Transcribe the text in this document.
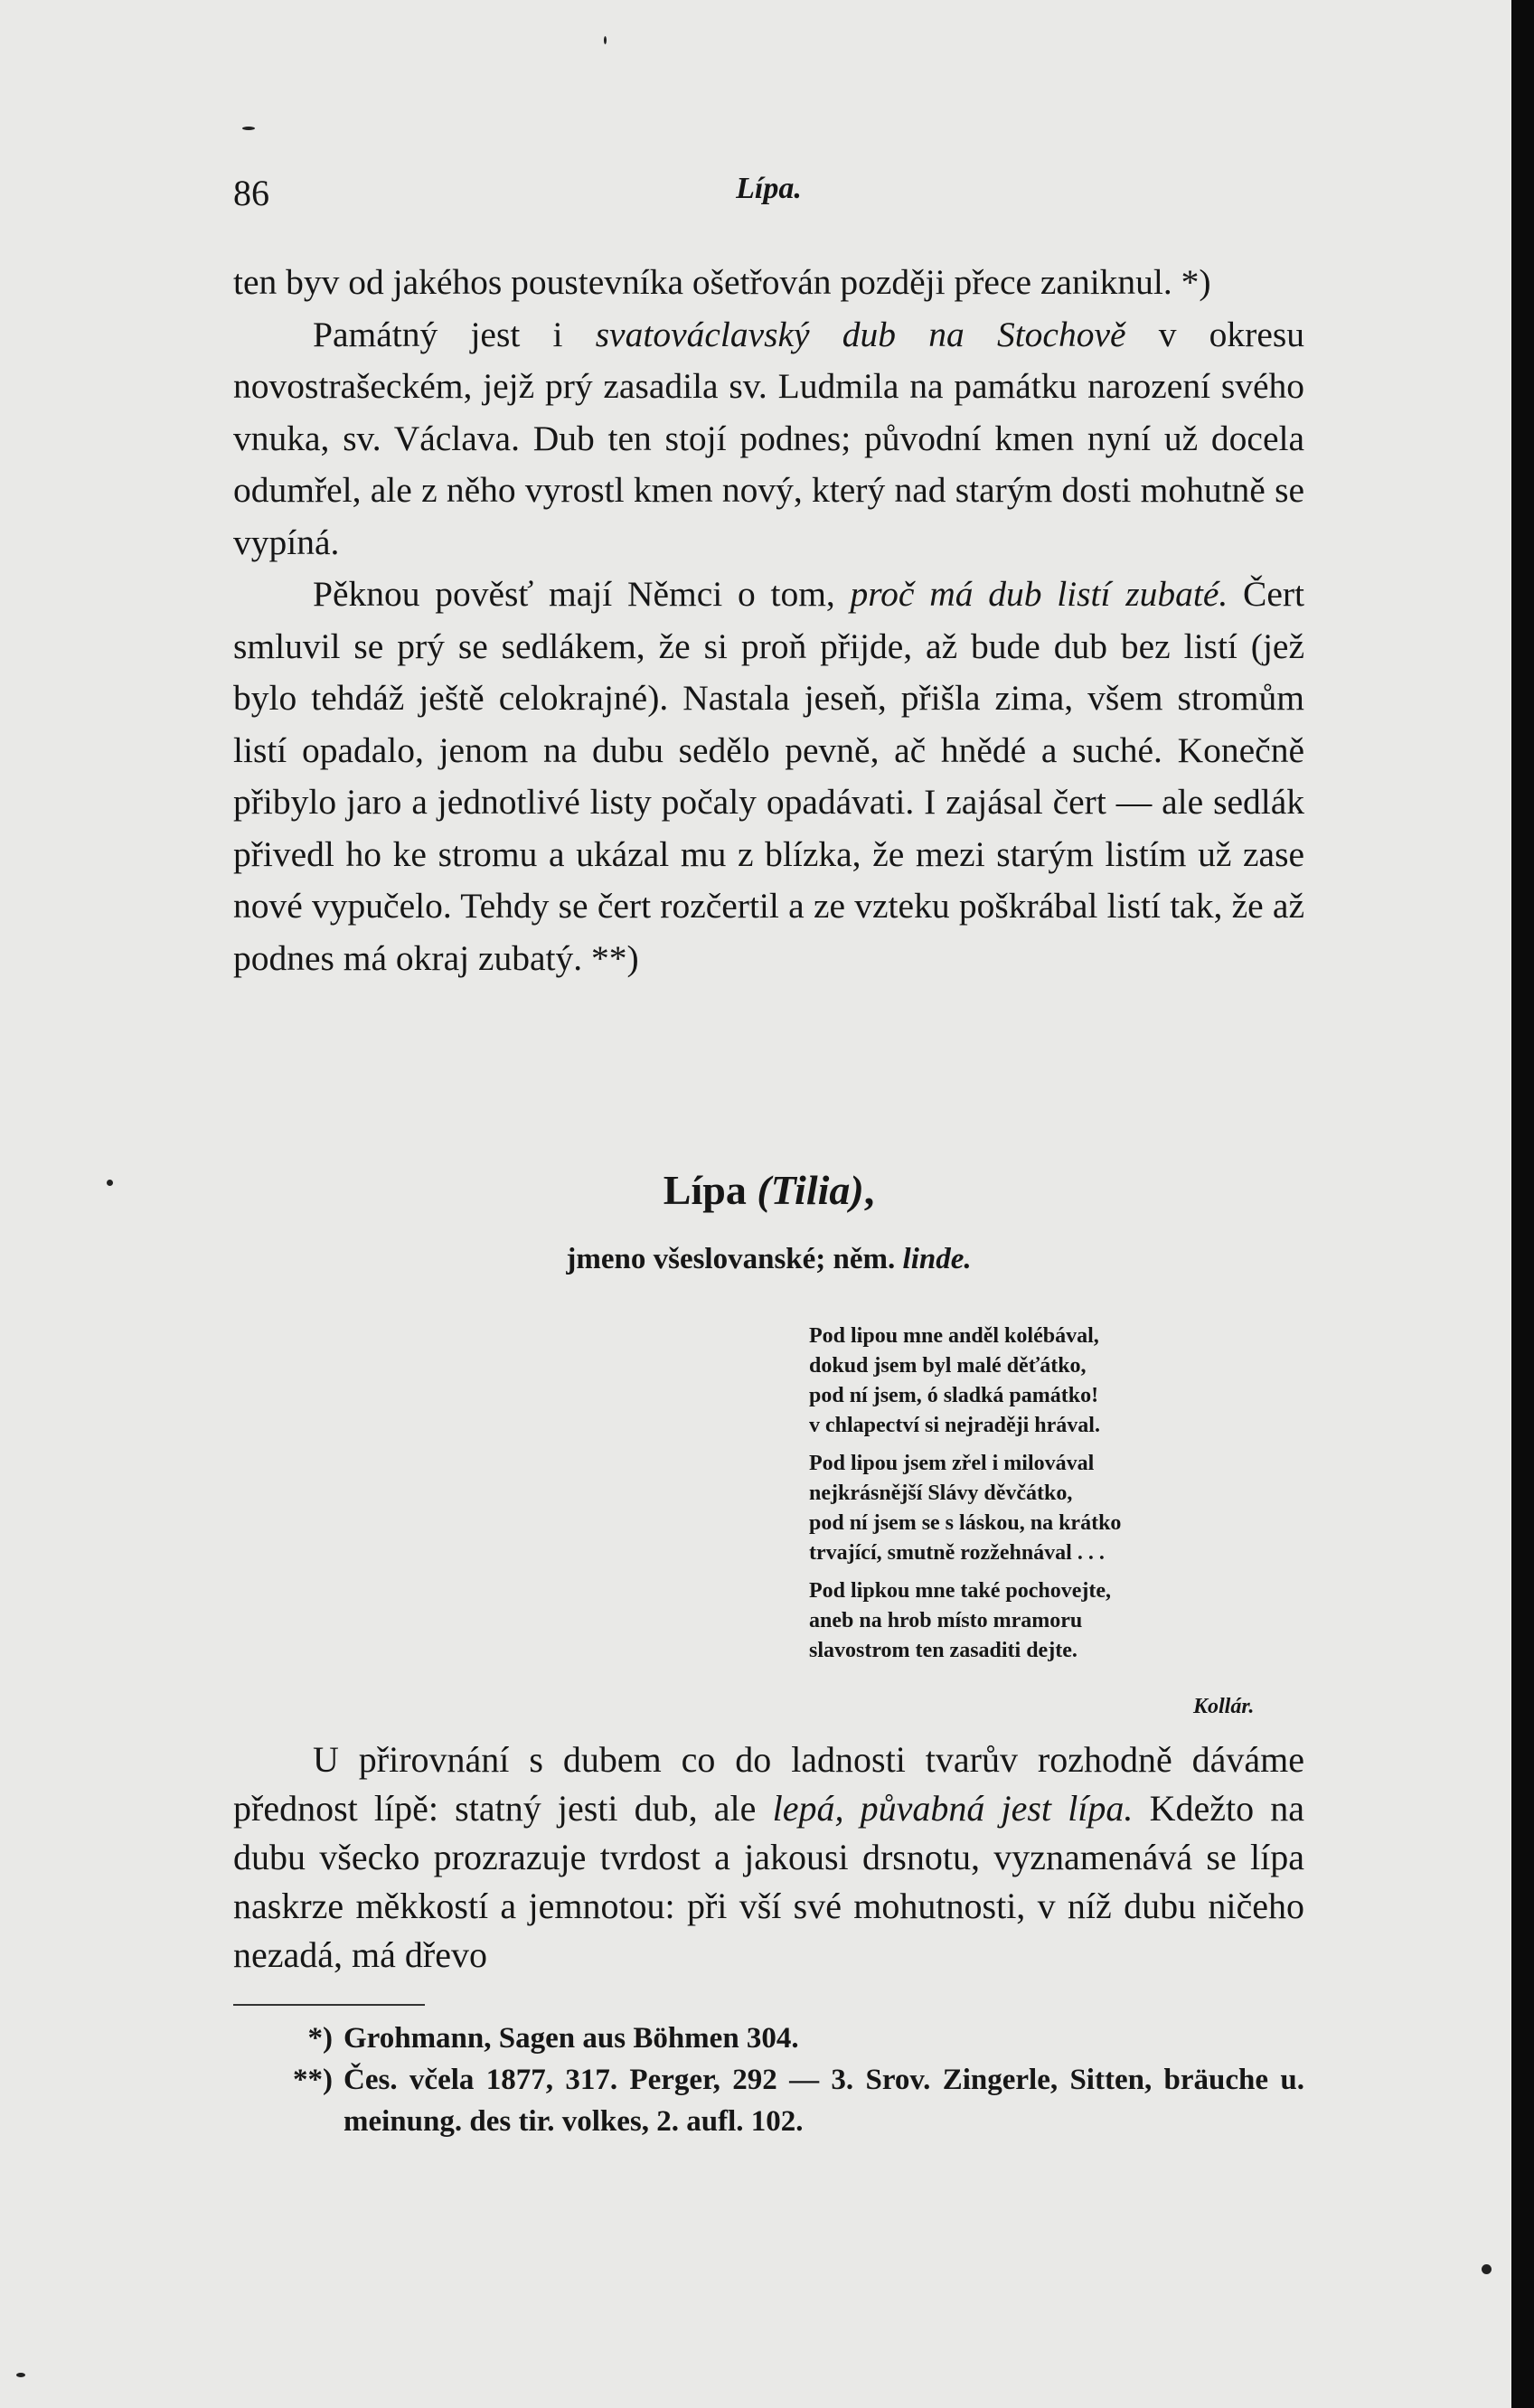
86	Lípa.

ten byv od jakéhos poustevníka ošetřován později přece zaniknul. *)

Památný jest i svatováclavský dub na Stochově v okresu novostrašeckém, jejž prý zasadila sv. Ludmila na památku narození svého vnuka, sv. Václava. Dub ten stojí podnes; původní kmen nyní už docela odumřel, ale z něho vyrostl kmen nový, který nad starým dosti mohutně se vypíná.

Pěknou pověsť mají Němci o tom, proč má dub listí zubaté. Čert smluvil se prý se sedlákem, že si proň přijde, až bude dub bez listí (jež bylo tehdáž ještě celokrajné). Nastala jeseň, přišla zima, všem stromům listí opadalo, jenom na dubu sedělo pevně, ač hnědé a suché. Konečně přibylo jaro a jednotlivé listy počaly opadávati. I zajásal čert — ale sedlák přivedl ho ke stromu a ukázal mu z blízka, že mezi starým listím už zase nové vypučelo. Tehdy se čert rozčertil a ze vzteku poškrábal listí tak, že až podnes má okraj zubatý. **)

Lípa (Tilia),
jmeno všeslovanské; něm. linde.
Pod lipou mne anděl kolébával,
dokud jsem byl malé děťátko,
pod ní jsem, ó sladká památko!
v chlapectví si nejraději hrával.
Pod lipou jsem zřel i milovával
nejkrásnější Slávy děvčátko,
pod ní jsem se s láskou, na krátko
trvající, smutně rozžehnával . . .
Pod lipkou mne také pochovejte,
aneb na hrob místo mramoru
slavostrom ten zasaditi dejte.
Kollár.

U přirovnání s dubem co do ladnosti tvarův rozhodně dáváme přednost lípě: statný jesti dub, ale lepá, půvabná jest lípa. Kdežto na dubu všecko prozrazuje tvrdost a jakousi drsnotu, vyznamenává se lípa naskrze měkkostí a jemnotou: při vší své mohutnosti, v níž dubu ničeho nezadá, má dřevo

*) Grohmann, Sagen aus Böhmen 304.
**) Čes. včela 1877, 317. Perger, 292 — 3. Srov. Zingerle, Sitten, bräuche u. meinung. des tir. volkes, 2. aufl. 102.
